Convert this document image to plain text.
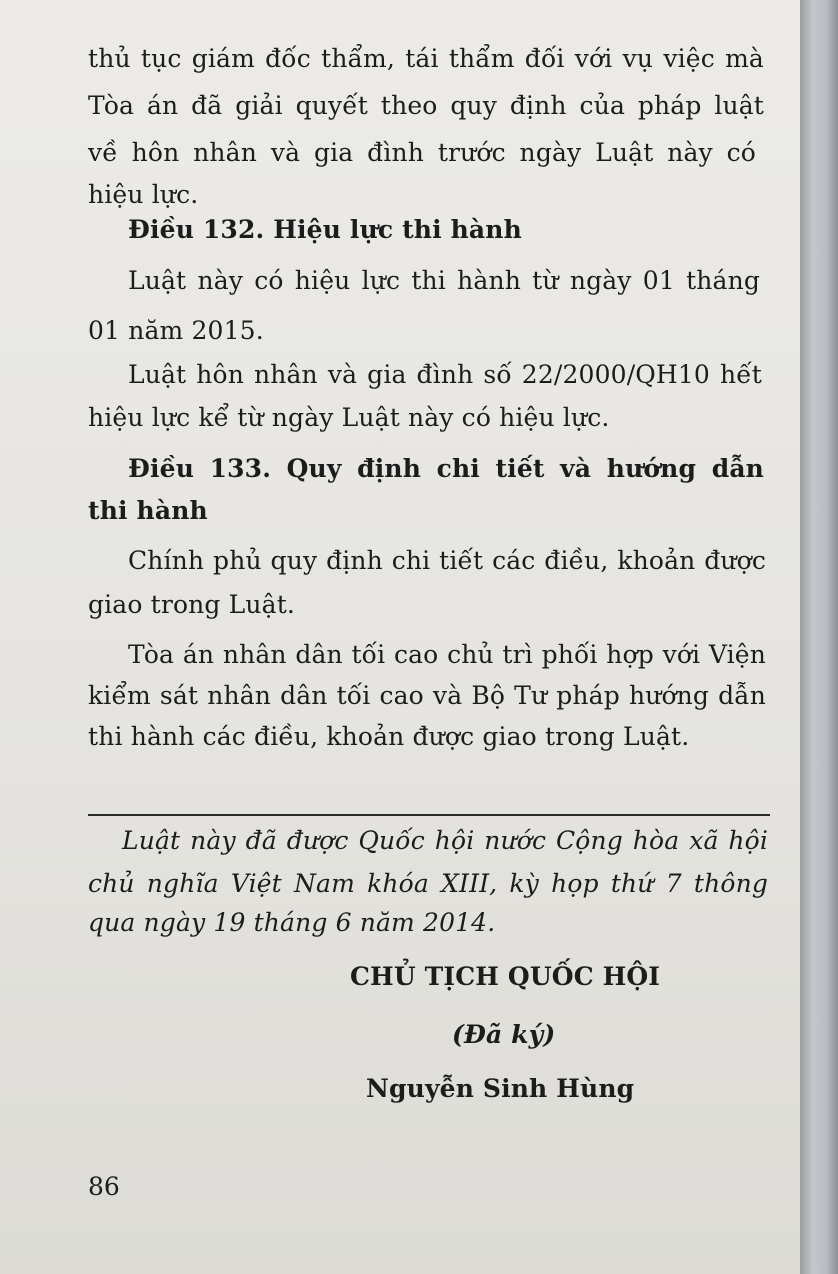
thủ tục giám đốc thẩm, tái thẩm đối với vụ việc mà
Tòa án đã giải quyết theo quy định của pháp luật
về hôn nhân và gia đình trước ngày Luật này có
hiệu lực.
Điều 132. Hiệu lực thi hành
Luật này có hiệu lực thi hành từ ngày 01 tháng
01 năm 2015.
Luật hôn nhân và gia đình số 22/2000/QH10 hết
hiệu lực kể từ ngày Luật này có hiệu lực.
Điều 133. Quy định chi tiết và hướng dẫn
thi hành
Chính phủ quy định chi tiết các điều, khoản được
giao trong Luật.
Tòa án nhân dân tối cao chủ trì phối hợp với Viện
kiểm sát nhân dân tối cao và Bộ Tư pháp hướng dẫn
thi hành các điều, khoản được giao trong Luật.
Luật này đã được Quốc hội nước Cộng hòa xã hội
chủ nghĩa Việt Nam khóa XIII, kỳ họp thứ 7 thông
qua ngày 19 tháng 6 năm 2014.
CHỦ TỊCH QUỐC HỘI
(Đã ký)
Nguyễn Sinh Hùng
86
